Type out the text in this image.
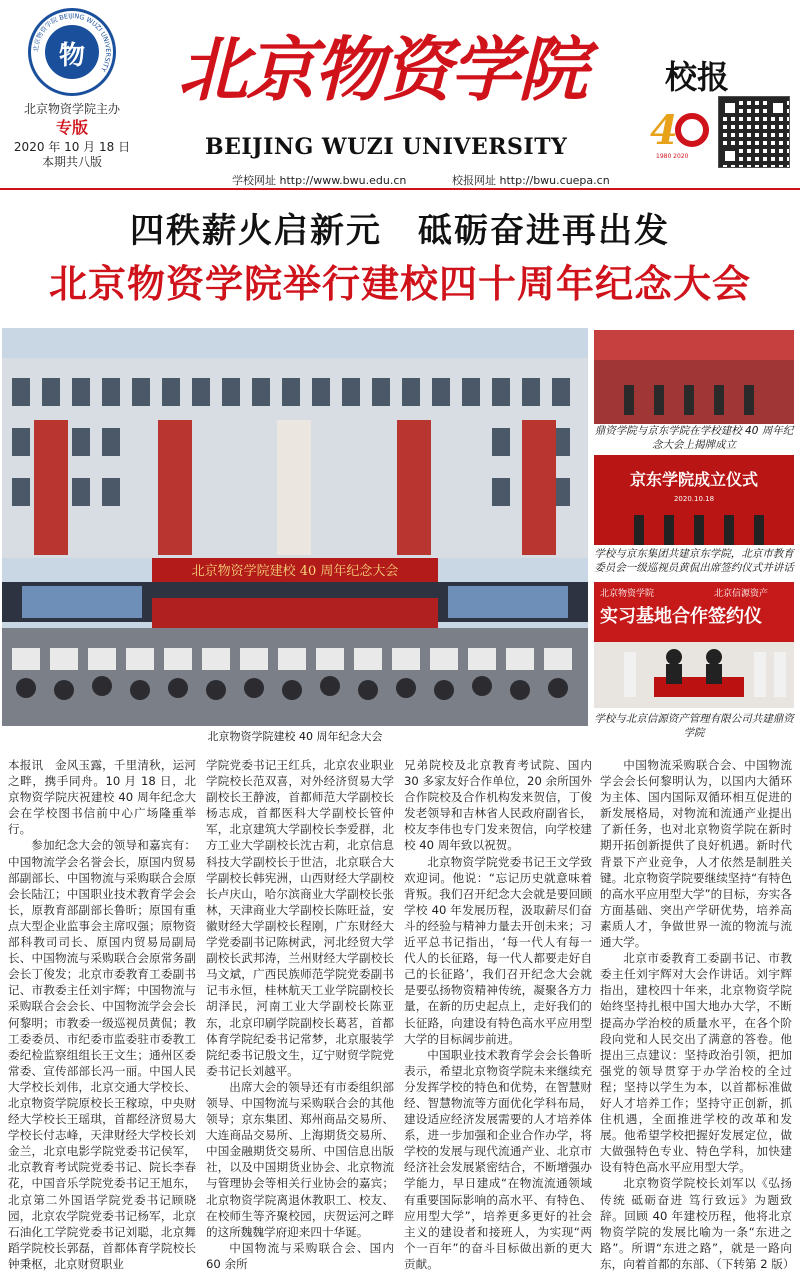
物
北京物资学院 BEIJING WUZI UNIVERSITY
北京物资学院主办
专版
2020 年 10 月 18 日
本期共八版
北京物资学院 校报
BEIJING WUZI UNIVERSITY 4
1980 2020
学校网址 http://www.bwu.edu.cn	校报网址 http://bwu.cuepa.cn
四秩薪火启新元　砥砺奋进再出发
北京物资学院举行建校四十周年纪念大会
北京物资学院建校 40 周年纪念大会
北京物资学院建校 40 周年纪念大会
鼎资学院与京东学院在学校建校 40 周年纪念大会上揭牌成立
京东学院成立仪式
2020.10.18
学校与京东集团共建京东学院，北京市教育委员会一级巡视员黄侃出席签约仪式并讲话
北京物资学院	北京信源资产
实习基地合作签约仪
学校与北京信源资产管理有限公司共建鼎资学院

本报讯　金风玉露，千里清秋，运河之畔，携手同舟。10 月 18 日，北京物资学院庆祝建校 40 周年纪念大会在学校图书信前中心广场隆重举行。

参加纪念大会的领导和嘉宾有：中国物流学会名誉会长，原国内贸易部副部长、中国物流与采购联合会原会长陆江；中国职业技术教育学会会长，原教育部副部长鲁昕；原国有重点大型企业监事会主席叹强；原物资部科教司司长、原国内贸易局副局长、中国物流与采购联合会原常务副会长丁俊发；北京市委教育工委副书记、市教委主任刘宇辉；中国物流与采购联合会会长、中国物流学会会长何黎明；市教委一级巡视员黄侃；教工委委员、市纪委市监委驻市委教工委纪检监察组组长王文生；通州区委常委、宣传部部长冯一丽。中国人民大学校长刘伟，北京交通大学校长、北京物资学院原校长王稼琼，中央财经大学校长王瑶琪，首都经济贸易大学校长付志峰，天津财经大学校长刘金兰，北京电影学院党委书记侯军，北京教育考试院党委书记、院长李春花，中国音乐学院党委书记王旭东，北京第二外国语学院党委书记顾晓园，北京农学院党委书记杨军，北京石油化工学院党委书记刘聪，北京舞蹈学院校长郭磊，首都体育学院校长钟秉枢，北京财贸职业

学院党委书记王红兵，北京农业职业学院校长范双喜，对外经济贸易大学副校长王静波，首都师范大学副校长杨志成，首都医科大学副校长管仲军，北京建筑大学副校长李爱群，北方工业大学副校长沈古莉，北京信息科技大学副校长于世洁，北京联合大学副校长韩宪洲，山西财经大学副校长卢庆山，哈尔滨商业大学副校长张林，天津商业大学副校长陈旺益，安徽财经大学副校长程刚，广东财经大学党委副书记陈树武，河北经贸大学副校长武邦涛，兰州财经大学副校长马文斌，广西民族师范学院党委副书记韦永恒，桂林航天工业学院副校长胡泽民，河南工业大学副校长陈亚东，北京印刷学院副校长葛茗，首都体育学院纪委书记常梦，北京服装学院纪委书记殷文生，辽宁财贸学院党委书记长刘越平。

出席大会的领导还有市委组织部领导、中国物流与采购联合会的其他领导；京东集团、郑州商品交易所、大连商品交易所、上海期货交易所、中国金融期货交易所、中国信息出版社，以及中国期货业协会、北京物流与管理协会等相关行业协会的嘉宾；北京物资学院离退休教职工、校友、在校师生等齐聚校园，庆贺运河之畔的这所魏魏学府迎来四十华诞。

中国物流与采购联合会、国内 60 余所

兄弟院校及北京教育考试院、国内 30 多家友好合作单位，20 余所国外合作院校及合作机构发来贺信，丁俊发老领导和吉林省人民政府副省长，校友李伟也专门发来贺信，向学校建校 40 周年致以祝贺。

北京物资学院党委书记王文学致欢迎词。他说：“忘记历史就意味着背叛。我们召开纪念大会就是要回顾学校 40 年发展历程，汲取薪尽们奋斗的经验与精神力量去开创未来；习近平总书记指出，‘每一代人有每一代人的长征路，每一代人都要走好自己的长征路’，我们召开纪念大会就是要弘扬物资精神传统，凝聚各方力量，在新的历史起点上，走好我们的长征路，向建设有特色高水平应用型大学的目标阔步前进。

中国职业技术教育学会会长鲁昕表示，希望北京物资学院未来继续充分发挥学校的特色和优势，在智慧财经、智慧物流等方面优化学科布局，建设适应经济发展需要的人才培养体系，进一步加强和企业合作办学，将学校的发展与现代流通产业、北京市经济社会发展紧密结合，不断增强办学能力，早日建成“在物流流通领域有重要国际影响的高水平、有特色、应用型大学”，培养更多更好的社会主义的建设者和接班人，为实现“两个一百年”的奋斗目标做出新的更大贡献。

中国物流采购联合会、中国物流学会会长何黎明认为，以国内大循环为主体、国内国际双循环相互促进的新发展格局，对物流和流通产业提出了新任务，也对北京物资学院在新时期开拓创新提供了良好机遇。新时代背景下产业竞争，人才依然是制胜关键。北京物资学院要继续坚持“有特色的高水平应用型大学”的目标，夯实各方面基础、突出产学研优势，培养高素质人才，争做世界一流的物流与流通大学。

北京市委教育工委副书记、市教委主任刘宇辉对大会作讲话。刘宇辉指出，建校四十年来，北京物资学院始终坚持扎根中国大地办大学，不断提高办学治校的质量水平，在各个阶段向党和人民交出了满意的答卷。他提出三点建议：坚持政治引领，把加强党的领导贯穿于办学治校的全过程；坚持以学生为本，以首都标准做好人才培养工作；坚持守正创新，抓住机遇，全面推进学校的改革和发展。他希望学校把握好发展定位，做大做强特色专业、特色学科，加快建设有特色高水平应用型大学。

北京物资学院校长刘军以《弘扬传统 砥砺奋进 笃行致远》为题致辞。回顾 40 年建校历程，他将北京物资学院的发展比喻为一条“东进之路”。所谓“东进之路”，就是一路向东，向着首都的东部、（下转第 2 版）
